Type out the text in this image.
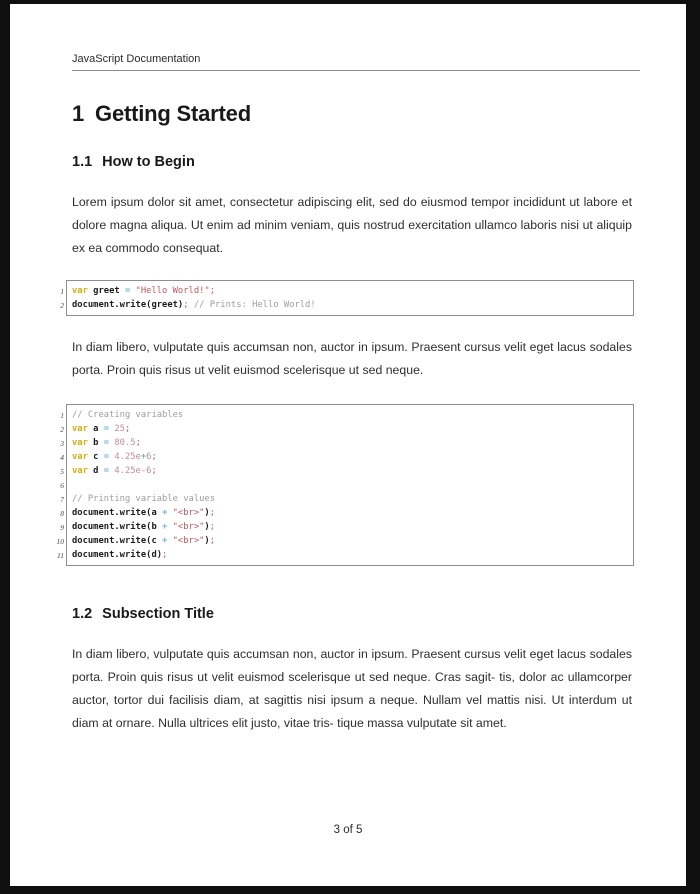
JavaScript Documentation
1 Getting Started
1.1 How to Begin
Lorem ipsum dolor sit amet, consectetur adipiscing elit, sed do eiusmod tempor incididunt ut labore et dolore magna aliqua. Ut enim ad minim veniam, quis nostrud exercitation ullamco laboris nisi ut aliquip ex ea commodo consequat.
1 var greet = "Hello World!";
2 document.write(greet); // Prints: Hello World!
In diam libero, vulputate quis accumsan non, auctor in ipsum. Praesent cursus velit eget lacus sodales porta. Proin quis risus ut velit euismod scelerisque ut sed neque.
1 // Creating variables
2 var a = 25;
3 var b = 80.5;
4 var c = 4.25e+6;
5 var d = 4.25e-6;
6
7 // Printing variable values
8 document.write(a + "<br>");
9 document.write(b + "<br>");
10 document.write(c + "<br>");
11 document.write(d);
1.2 Subsection Title
In diam libero, vulputate quis accumsan non, auctor in ipsum. Praesent cursus velit eget lacus sodales porta. Proin quis risus ut velit euismod scelerisque ut sed neque. Cras sagit- tis, dolor ac ullamcorper auctor, tortor dui facilisis diam, at sagittis nisi ipsum a neque. Nullam vel mattis nisi. Ut interdum ut diam at ornare. Nulla ultrices elit justo, vitae tris- tique massa vulputate sit amet.
3 of 5
